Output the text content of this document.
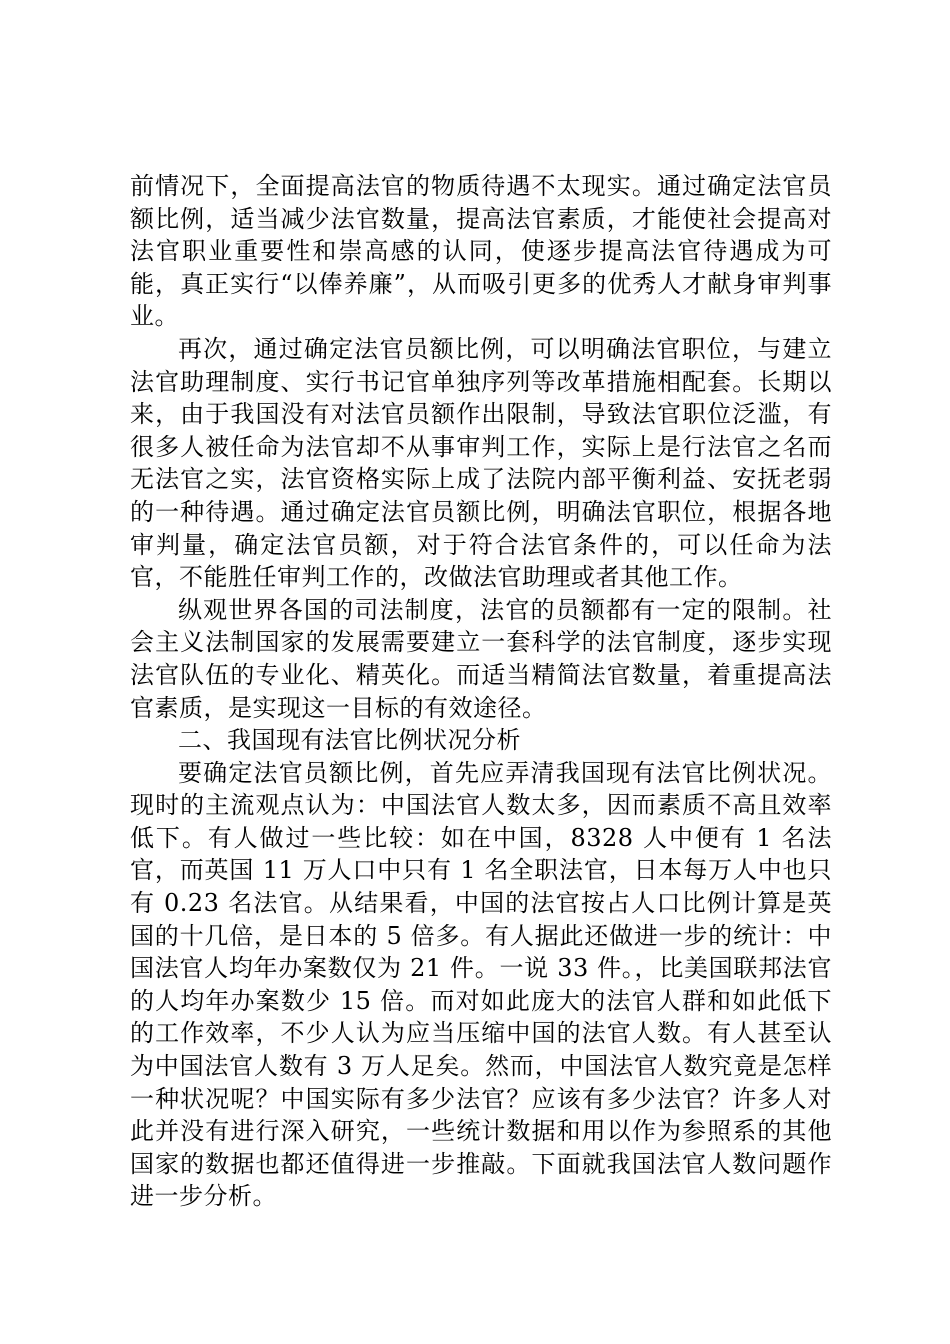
前情况下，全面提高法官的物质待遇不太现实。通过确定法官员额比例，适当减少法官数量，提高法官素质，才能使社会提高对法官职业重要性和崇高感的认同，使逐步提高法官待遇成为可能，真正实行“以俸养廉”，从而吸引更多的优秀人才献身审判事业。

再次，通过确定法官员额比例，可以明确法官职位，与建立法官助理制度、实行书记官单独序列等改革措施相配套。长期以来，由于我国没有对法官员额作出限制，导致法官职位泛滥，有很多人被任命为法官却不从事审判工作，实际上是行法官之名而无法官之实，法官资格实际上成了法院内部平衡利益、安抚老弱的一种待遇。通过确定法官员额比例，明确法官职位，根据各地审判量，确定法官员额，对于符合法官条件的，可以任命为法官，不能胜任审判工作的，改做法官助理或者其他工作。

纵观世界各国的司法制度，法官的员额都有一定的限制。社会主义法制国家的发展需要建立一套科学的法官制度，逐步实现法官队伍的专业化、精英化。而适当精简法官数量，着重提高法官素质，是实现这一目标的有效途径。

二、我国现有法官比例状况分析

要确定法官员额比例，首先应弄清我国现有法官比例状况。现时的主流观点认为：中国法官人数太多，因而素质不高且效率低下。有人做过一些比较：如在中国，8328 人中便有 1 名法官，而英国 11 万人口中只有 1 名全职法官，日本每万人中也只有 0.23 名法官。从结果看，中国的法官按占人口比例计算是英国的十几倍，是日本的 5 倍多。有人据此还做进一步的统计：中国法官人均年办案数仅为 21 件。一说 33 件。，比美国联邦法官的人均年办案数少 15 倍。而对如此庞大的法官人群和如此低下的工作效率，不少人认为应当压缩中国的法官人数。有人甚至认为中国法官人数有 3 万人足矣。然而，中国法官人数究竟是怎样一种状况呢？中国实际有多少法官？应该有多少法官？许多人对此并没有进行深入研究，一些统计数据和用以作为参照系的其他国家的数据也都还值得进一步推敲。下面就我国法官人数问题作进一步分析。
